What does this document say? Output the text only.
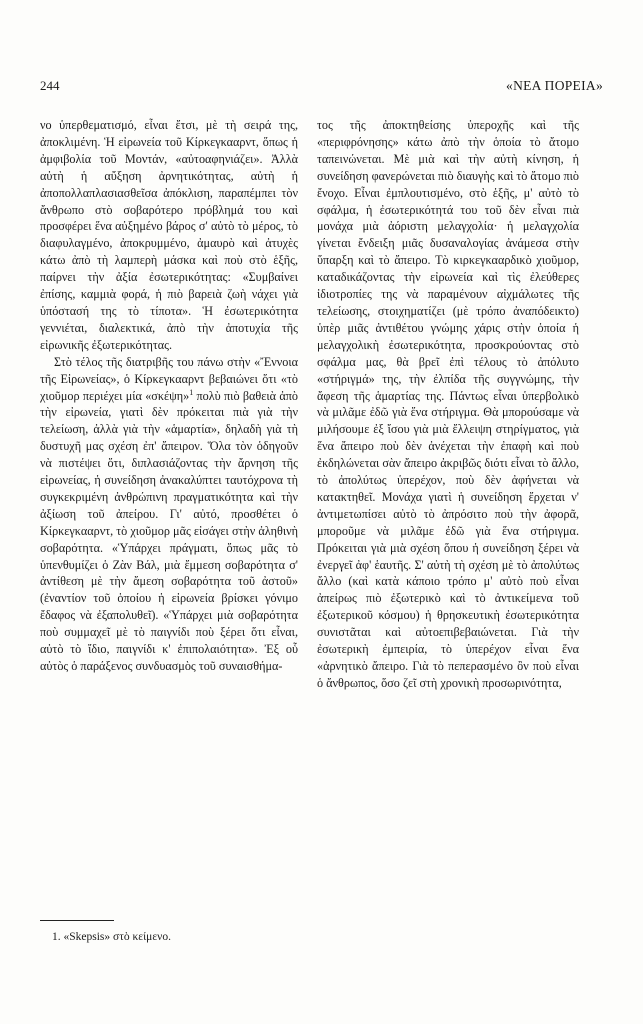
244	«ΝΕΑ ΠΟΡΕΙΑ»

νο ὑπερθεματισμό, εἶναι ἔτσι, μὲ τὴ σειρά της, ἀποκλιμένη. Ἡ εἰρωνεία τοῦ Κίρκεγκααρντ, ὅπως ἡ ἀμφιβολία τοῦ Μοντάν, «αὐτοαφηνιάζει». Ἀλλὰ αὐτὴ ἡ αὔξηση ἀρνητικότητας, αὐτὴ ἡ ἀποπολλαπλασιασθεῖσα ἀπόκλιση, παραπέμπει τὸν ἄνθρωπο στὸ σοβαρότερο πρόβλημά του καὶ προσφέρει ἕνα αὐξημένο βάρος σ' αὐτὸ τὸ μέρος, τὸ διαφυλαγμένο, ἀποκρυμμένο, ἀμαυρὸ καὶ ἀτυχὲς κάτω ἀπὸ τὴ λαμπερὴ μάσκα καὶ ποὺ στὸ ἑξῆς, παίρνει τὴν ἀξία ἐσωτερικότητας: «Συμβαίνει ἐπίσης, καμμιὰ φορά, ἡ πιὸ βαρειὰ ζωὴ νάχει γιὰ ὑπόστασή της τὸ τίποτα». Ἡ ἐσωτερικότητα γεννιέται, διαλεκτικά, ἀπὸ τὴν ἀποτυχία τῆς εἰρωνικῆς ἐξωτερικότητας.

Στὸ τέλος τῆς διατριβῆς του πάνω στὴν «Ἔννοια τῆς Εἰρωνείας», ὁ Κίρκεγκααρντ βεβαιώνει ὅτι «τὸ χιοῦμορ περιέχει μία «σκέψη»$^1$ πολὺ πιὸ βαθειὰ ἀπὸ τὴν εἰρωνεία, γιατὶ δὲν πρόκειται πιὰ γιὰ τὴν τελείωση, ἀλλὰ γιὰ τὴν «ἁμαρτία», δηλαδὴ γιὰ τὴ δυστυχῆ μας σχέση ἐπ' ἄπειρον. Ὅλα τὸν ὁδηγοῦν νὰ πιστέψει ὅτι, διπλασιάζοντας τὴν ἄρνηση τῆς εἰρωνείας, ἡ συνείδηση ἀνακαλύπτει ταυτόχρονα τὴ συγκεκριμένη ἀνθρώπινη πραγματικότητα καὶ τὴν ἀξίωση τοῦ ἀπείρου. Γι' αὐτό, προσθέτει ὁ Κίρκεγκααρντ, τὸ χιοῦμορ μᾶς εἰσάγει στὴν ἀληθινὴ σοβαρότητα. «Ὑπάρχει πράγματι, ὅπως μᾶς τὸ ὑπενθυμίζει ὁ Ζὰν Βάλ, μιὰ ἔμμεση σοβαρότητα σ' ἀντίθεση μὲ τὴν ἄμεση σοβαρότητα τοῦ ἀστοῦ» (ἐναντίον τοῦ ὁποίου ἡ εἰρωνεία βρίσκει γόνιμο ἔδαφος νὰ ἐξαπολυθεῖ). «Ὑπάρχει μιὰ σοβαρότητα ποὺ συμμαχεῖ μὲ τὸ παιγνίδι ποὺ ξέρει ὅτι εἶναι, αὐτὸ τὸ ἴδιο, παιγνίδι κ' ἐπιπολαιότητα». Ἐξ οὗ αὐτὸς ὁ παράξενος συνδυασμὸς τοῦ συναισθήμα-

τος τῆς ἀποκτηθείσης ὑπεροχῆς καὶ τῆς «περιφρόνησης» κάτω ἀπὸ τὴν ὁποία τὸ ἄτομο ταπεινώνεται. Μὲ μιὰ καὶ τὴν αὐτὴ κίνηση, ἡ συνείδηση φανερώνεται πιὸ διαυγὴς καὶ τὸ ἄτομο πιὸ ἔνοχο. Εἶναι ἐμπλουτισμένο, στὸ ἑξῆς, μ' αὐτὸ τὸ σφάλμα, ἡ ἐσωτερικότητά του τοῦ δὲν εἶναι πιὰ μονάχα μιὰ ἀόριστη μελαγχολία· ἡ μελαγχολία γίνεται ἔνδειξη μιᾶς δυσαναλογίας ἀνάμεσα στὴν ὕπαρξη καὶ τὸ ἄπειρο. Τὸ κιρκεγκααρδικὸ χιοῦμορ, καταδικάζοντας τὴν εἰρωνεία καὶ τὶς ἐλεύθερες ἰδιοτροπίες της νὰ παραμένουν αἰχμάλωτες τῆς τελείωσης, στοιχηματίζει (μὲ τρόπο ἀναπόδεικτο) ὑπὲρ μιᾶς ἀντιθέτου γνώμης χάρις στὴν ὁποία ἡ μελαγχολικὴ ἐσωτερικότητα, προσκρούοντας στὸ σφάλμα μας, θὰ βρεῖ ἐπὶ τέλους τὸ ἀπόλυτο «στήριγμά» της, τὴν ἐλπίδα τῆς συγγνώμης, τὴν ἄφεση τῆς ἁμαρτίας της. Πάντως εἶναι ὑπερβολικὸ νὰ μιλᾶμε ἐδῶ γιὰ ἕνα στήριγμα. Θὰ μπορούσαμε νὰ μιλήσουμε ἐξ ἴσου γιὰ μιὰ ἔλλειψη στηρίγματος, γιὰ ἕνα ἄπειρο ποὺ δὲν ἀνέχεται τὴν ἐπαφὴ καὶ ποὺ ἐκδηλώνεται σὰν ἄπειρο ἀκριβῶς διότι εἶναι τὸ ἄλλο, τὸ ἀπολύτως ὑπερέχον, ποὺ δὲν ἀφήνεται νὰ κατακτηθεῖ. Μονάχα γιατὶ ἡ συνείδηση ἔρχεται ν' ἀντιμετωπίσει αὐτὸ τὸ ἀπρόσιτο ποὺ τὴν ἀφορᾶ, μποροῦμε νὰ μιλᾶμε ἐδῶ γιὰ ἕνα στήριγμα. Πρόκειται γιὰ μιὰ σχέση ὅπου ἡ συνείδηση ξέρει νὰ ἐνεργεῖ ἀφ' ἑαυτῆς. Σ' αὐτὴ τὴ σχέση μὲ τὸ ἀπολύτως ἄλλο (καὶ κατὰ κάποιο τρόπο μ' αὐτὸ ποὺ εἶναι ἀπείρως πιὸ ἐξωτερικὸ καὶ τὸ ἀντικείμενα τοῦ ἐξωτερικοῦ κόσμου) ἡ θρησκευτικὴ ἐσωτερικότητα συνιστᾶται καὶ αὐτοεπιβεβαιώνεται. Γιὰ τὴν ἐσωτερικὴ ἐμπειρία, τὸ ὑπερέχον εἶναι ἕνα «ἀρνητικὸ ἄπειρο. Γιὰ τὸ πεπερασμένο ὂν ποὺ εἶναι ὁ ἄνθρωπος, ὅσο ζεῖ στὴ χρονικὴ προσωρινότητα,

1. «Skepsis» στὸ κείμενο.
